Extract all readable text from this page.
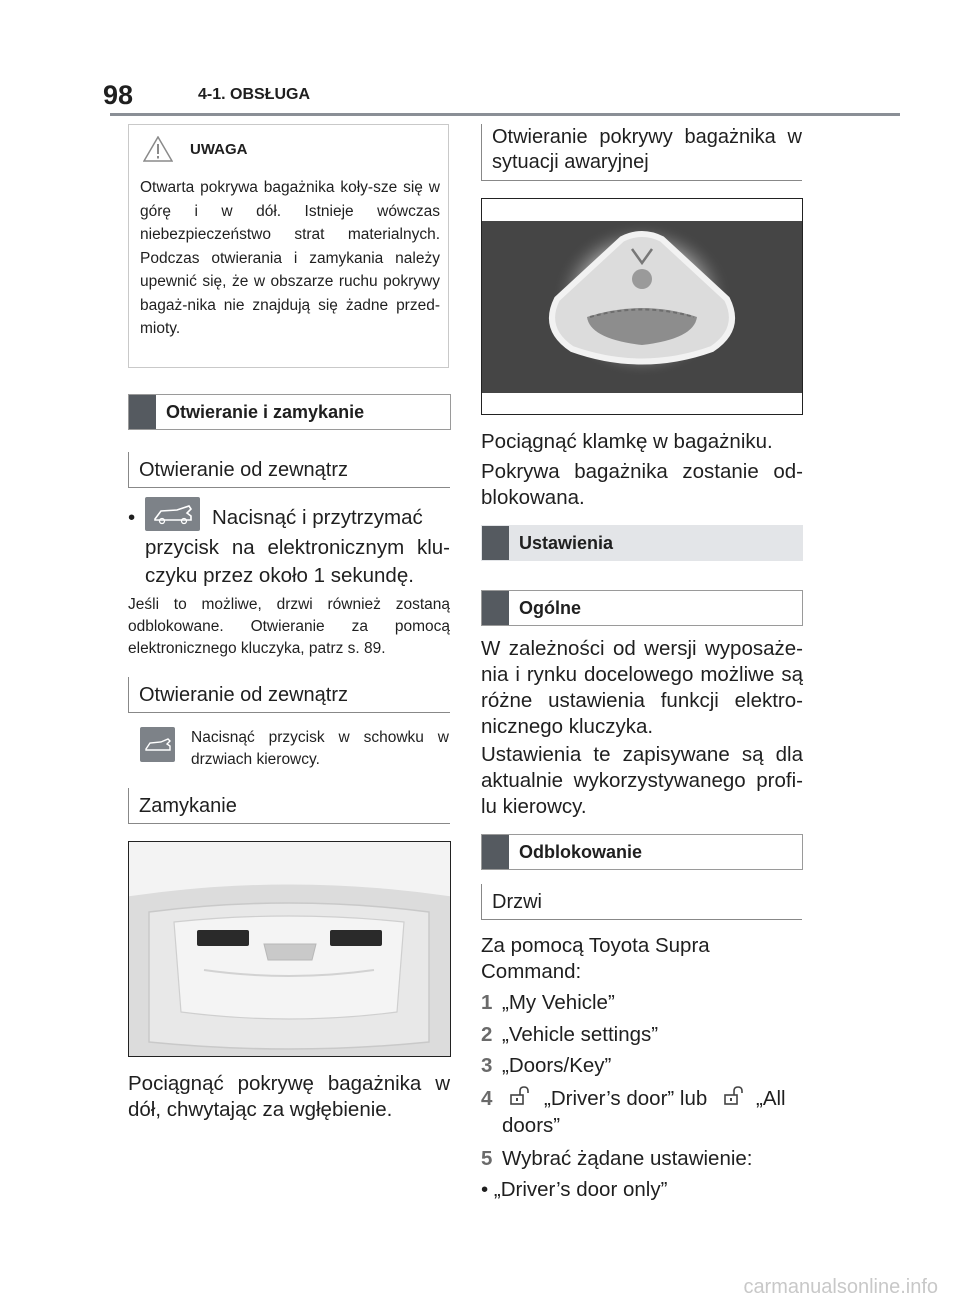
98	4-1. OBSŁUGA
UWAGA
Otwarta pokrywa bagażnika koły-sze się w górę i w dół. Istnieje wówczas niebezpieczeństwo strat materialnych. Podczas otwierania i zamykania należy upewnić się, że w obszarze ruchu pokrywy bagaż-nika nie znajdują się żadne przed-mioty.
Otwieranie i zamykanie
Otwieranie od zewnątrz
•	Nacisnąć i przytrzymać
przycisk na elektronicznym klu-czyku przez około 1 sekundę.
Jeśli to możliwe, drzwi również zostaną odblokowane. Otwieranie za pomocą elektronicznego kluczyka, patrz s. 89.
Otwieranie od zewnątrz
Nacisnąć przycisk w schowku w drzwiach kierowcy.
Zamykanie
Pociągnąć pokrywę bagażnika w dół, chwytając za wgłębienie.
Otwieranie pokrywy bagażnika w sytuacji awaryjnej
Pociągnąć klamkę w bagażniku.
Pokrywa bagażnika zostanie od-blokowana.
Ustawienia
Ogólne
W zależności od wersji wyposaże-nia i rynku docelowego możliwe są różne ustawienia funkcji elektro-nicznego kluczyka.
Ustawienia te zapisywane są dla aktualnie wykorzystywanego profi-lu kierowcy.
Odblokowanie
Drzwi
Za pomocą Toyota Supra Command:
1 „My Vehicle”
2 „Vehicle settings”
3 „Doors/Key”
4	„Driver’s door” lub „All
doors”
5 Wybrać żądane ustawienie:
• „Driver’s door only”
carmanualsonline.info
